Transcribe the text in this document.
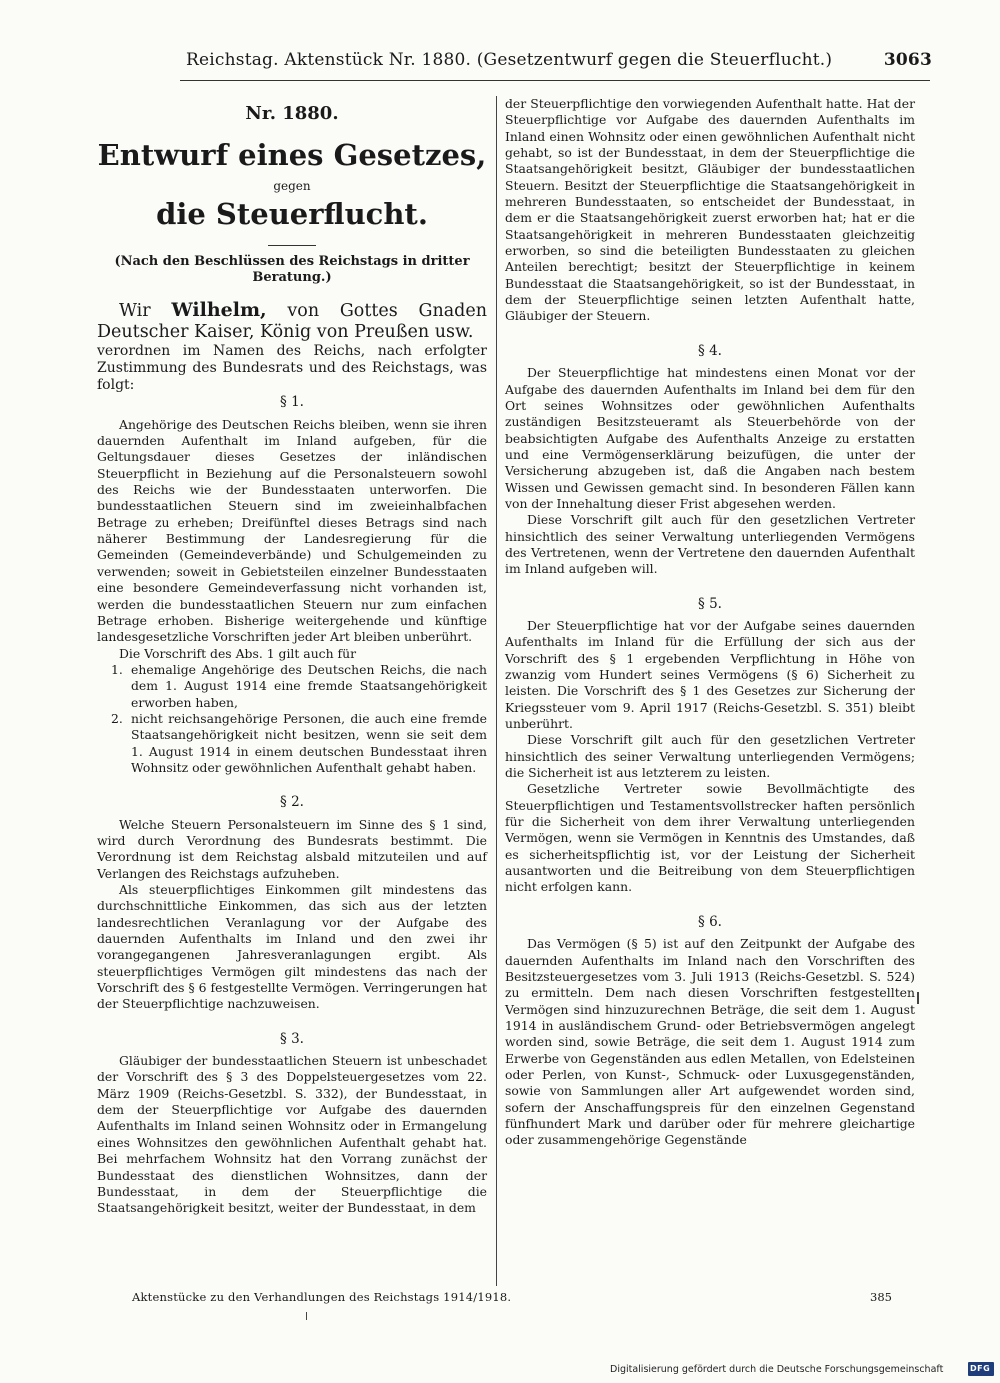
Reichstag. Aktenstück Nr. 1880. (Gesetzentwurf gegen die Steuerflucht.)	3063
Nr. 1880.
Entwurf eines Gesetzes,
gegen
die Steuerflucht.
(Nach den Beschlüssen des Reichstags in dritter Beratung.)

Wir Wilhelm, von Gottes Gnaden Deutscher Kaiser, König von Preußen usw.

verordnen im Namen des Reichs, nach erfolgter Zustimmung des Bundesrats und des Reichstags, was folgt:

§ 1.

Angehörige des Deutschen Reichs bleiben, wenn sie ihren dauernden Aufenthalt im Inland aufgeben, für die Geltungsdauer dieses Gesetzes der inländischen Steuerpflicht in Beziehung auf die Personalsteuern sowohl des Reichs wie der Bundesstaaten unterworfen. Die bundesstaatlichen Steuern sind im zweieinhalbfachen Betrage zu erheben; Dreifünftel dieses Betrags sind nach näherer Bestimmung der Landesregierung für die Gemeinden (Gemeindeverbände) und Schulgemeinden zu verwenden; soweit in Gebietsteilen einzelner Bundesstaaten eine besondere Gemeindeverfassung nicht vorhanden ist, werden die bundesstaatlichen Steuern nur zum einfachen Betrage erhoben. Bisherige weitergehende und künftige landesgesetzliche Vorschriften jeder Art bleiben unberührt.

Die Vorschrift des Abs. 1 gilt auch für

1. ehemalige Angehörige des Deutschen Reichs, die nach dem 1. August 1914 eine fremde Staatsangehörigkeit erworben haben,
2. nicht reichsangehörige Personen, die auch eine fremde Staatsangehörigkeit nicht besitzen, wenn sie seit dem 1. August 1914 in einem deutschen Bundesstaat ihren Wohnsitz oder gewöhnlichen Aufenthalt gehabt haben.
§ 2.

Welche Steuern Personalsteuern im Sinne des § 1 sind, wird durch Verordnung des Bundesrats bestimmt. Die Verordnung ist dem Reichstag alsbald mitzuteilen und auf Verlangen des Reichstags aufzuheben.

Als steuerpflichtiges Einkommen gilt mindestens das durchschnittliche Einkommen, das sich aus der letzten landesrechtlichen Veranlagung vor der Aufgabe des dauernden Aufenthalts im Inland und den zwei ihr vorangegangenen Jahresveranlagungen ergibt. Als steuerpflichtiges Vermögen gilt mindestens das nach der Vorschrift des § 6 festgestellte Vermögen. Verringerungen hat der Steuerpflichtige nachzuweisen.

§ 3.

Gläubiger der bundesstaatlichen Steuern ist unbeschadet der Vorschrift des § 3 des Doppelsteuergesetzes vom 22. März 1909 (Reichs-Gesetzbl. S. 332), der Bundesstaat, in dem der Steuerpflichtige vor Aufgabe des dauernden Aufenthalts im Inland seinen Wohnsitz oder in Ermangelung eines Wohnsitzes den gewöhnlichen Aufenthalt gehabt hat. Bei mehrfachem Wohnsitz hat den Vorrang zunächst der Bundesstaat des dienstlichen Wohnsitzes, dann der Bundesstaat, in dem der Steuerpflichtige die Staatsangehörigkeit besitzt, weiter der Bundesstaat, in dem

der Steuerpflichtige den vorwiegenden Aufenthalt hatte. Hat der Steuerpflichtige vor Aufgabe des dauernden Aufenthalts im Inland einen Wohnsitz oder einen gewöhnlichen Aufenthalt nicht gehabt, so ist der Bundesstaat, in dem der Steuerpflichtige die Staatsangehörigkeit besitzt, Gläubiger der bundesstaatlichen Steuern. Besitzt der Steuerpflichtige die Staatsangehörigkeit in mehreren Bundesstaaten, so entscheidet der Bundesstaat, in dem er die Staatsangehörigkeit zuerst erworben hat; hat er die Staatsangehörigkeit in mehreren Bundesstaaten gleichzeitig erworben, so sind die beteiligten Bundesstaaten zu gleichen Anteilen berechtigt; besitzt der Steuerpflichtige in keinem Bundesstaat die Staatsangehörigkeit, so ist der Bundesstaat, in dem der Steuerpflichtige seinen letzten Aufenthalt hatte, Gläubiger der Steuern.

§ 4.

Der Steuerpflichtige hat mindestens einen Monat vor der Aufgabe des dauernden Aufenthalts im Inland bei dem für den Ort seines Wohnsitzes oder gewöhnlichen Aufenthalts zuständigen Besitzsteueramt als Steuerbehörde von der beabsichtigten Aufgabe des Aufenthalts Anzeige zu erstatten und eine Vermögenserklärung beizufügen, die unter der Versicherung abzugeben ist, daß die Angaben nach bestem Wissen und Gewissen gemacht sind. In besonderen Fällen kann von der Innehaltung dieser Frist abgesehen werden.

Diese Vorschrift gilt auch für den gesetzlichen Vertreter hinsichtlich des seiner Verwaltung unterliegenden Vermögens des Vertretenen, wenn der Vertretene den dauernden Aufenthalt im Inland aufgeben will.

§ 5.

Der Steuerpflichtige hat vor der Aufgabe seines dauernden Aufenthalts im Inland für die Erfüllung der sich aus der Vorschrift des § 1 ergebenden Verpflichtung in Höhe von zwanzig vom Hundert seines Vermögens (§ 6) Sicherheit zu leisten. Die Vorschrift des § 1 des Gesetzes zur Sicherung der Kriegssteuer vom 9. April 1917 (Reichs-Gesetzbl. S. 351) bleibt unberührt.

Diese Vorschrift gilt auch für den gesetzlichen Vertreter hinsichtlich des seiner Verwaltung unterliegenden Vermögens; die Sicherheit ist aus letzterem zu leisten.

Gesetzliche Vertreter sowie Bevollmächtigte des Steuerpflichtigen und Testamentsvollstrecker haften persönlich für die Sicherheit von dem ihrer Verwaltung unterliegenden Vermögen, wenn sie Vermögen in Kenntnis des Umstandes, daß es sicherheitspflichtig ist, vor der Leistung der Sicherheit ausantworten und die Beitreibung von dem Steuerpflichtigen nicht erfolgen kann.

§ 6.

Das Vermögen (§ 5) ist auf den Zeitpunkt der Aufgabe des dauernden Aufenthalts im Inland nach den Vorschriften des Besitzsteuergesetzes vom 3. Juli 1913 (Reichs-Gesetzbl. S. 524) zu ermitteln. Dem nach diesen Vorschriften festgestellten Vermögen sind hinzuzurechnen Beträge, die seit dem 1. August 1914 in ausländischem Grund- oder Betriebsvermögen angelegt worden sind, sowie Beträge, die seit dem 1. August 1914 zum Erwerbe von Gegenständen aus edlen Metallen, von Edelsteinen oder Perlen, von Kunst-, Schmuck- oder Luxusgegenständen, sowie von Sammlungen aller Art aufgewendet worden sind, sofern der Anschaffungspreis für den einzelnen Gegenstand fünfhundert Mark und darüber oder für mehrere gleichartige oder zusammengehörige Gegenstände

Aktenstücke zu den Verhandlungen des Reichstags 1914/1918.	385
Digitalisierung gefördert durch die Deutsche Forschungsgemeinschaft	DFG
